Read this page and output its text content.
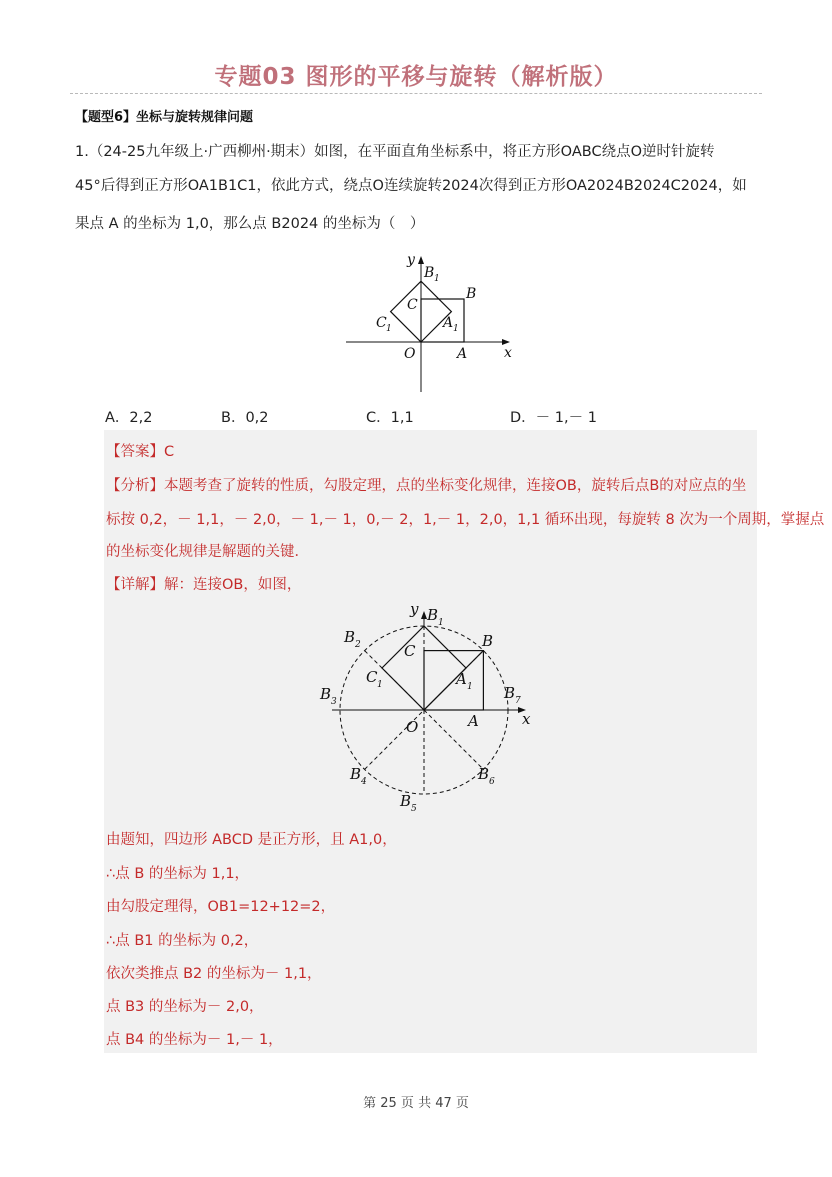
专题03 图形的平移与旋转（解析版）
【题型6】坐标与旋转规律问题
1.（24-25九年级上·广西柳州·期末）如图，在平面直角坐标系中，将正方形OABC绕点O逆时针旋转
45°后得到正方形OA1B1C1，依此方式，绕点O连续旋转2024次得到正方形OA2024B2024C2024，如
果点 A 的坐标为 1,0，那么点 B2024 的坐标为（　）
y
x
O	A
B
C
B 1
A 1
C 1
A．2,2	B．0,2	C．1,1	D．－ 1,－ 1
【答案】C
【分析】本题考查了旋转的性质，勾股定理，点的坐标变化规律，连接OB，旋转后点B的对应点的坐
标按 0,2，－ 1,1，－ 2,0，－ 1,－ 1，0,－ 2，1,－ 1，2,0，1,1 循环出现，每旋转 8 次为一个周期，掌握点
的坐标变化规律是解题的关键．
【详解】解：连接OB，如图，
y
x
O	A
B
C
A 1
C 1
B 1
B 2
B 3
B 4
B 5
B 6
B 7
由题知，四边形 ABCD 是正方形，且 A1,0，
∴点 B 的坐标为 1,1，
由勾股定理得，OB1=12+12=2，
∴点 B1 的坐标为 0,2，
依次类推点 B2 的坐标为－ 1,1，
点 B3 的坐标为－ 2,0，
点 B4 的坐标为－ 1,－ 1，
第 25 页 共 47 页
